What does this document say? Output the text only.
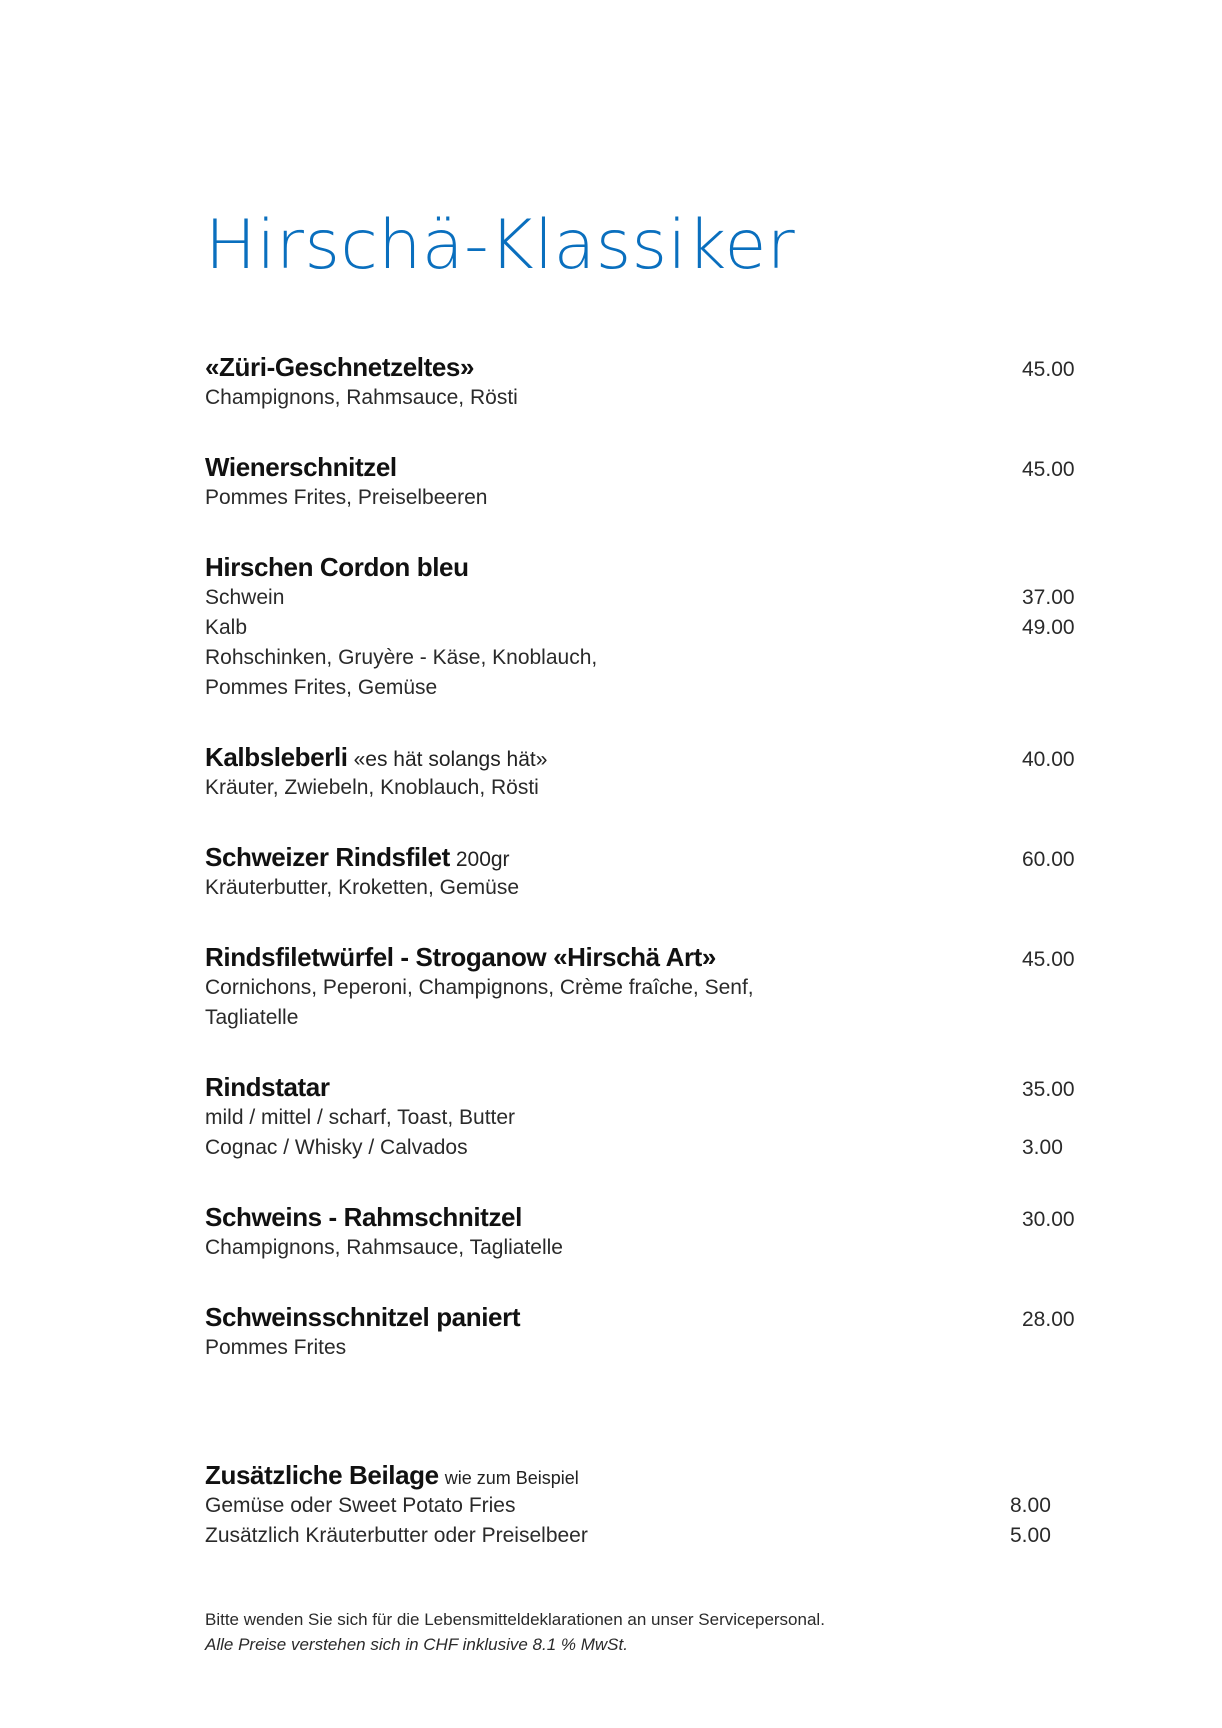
Hirschä-Klassiker
«Züri-Geschnetzeltes»	45.00
Champignons, Rahmsauce, Rösti
Wienerschnitzel	45.00
Pommes Frites, Preiselbeeren
Hirschen Cordon bleu
Schwein	37.00
Kalb	49.00
Rohschinken, Gruyère - Käse, Knoblauch,
Pommes Frites, Gemüse
Kalbsleberli «es hät solangs hät»	40.00
Kräuter, Zwiebeln, Knoblauch, Rösti
Schweizer Rindsfilet 200gr	60.00
Kräuterbutter, Kroketten, Gemüse
Rindsfiletwürfel - Stroganow «Hirschä Art»	45.00
Cornichons, Peperoni, Champignons, Crème fraîche, Senf,
Tagliatelle
Rindstatar	35.00
mild / mittel / scharf, Toast, Butter
Cognac / Whisky / Calvados	3.00
Schweins - Rahmschnitzel	30.00
Champignons, Rahmsauce, Tagliatelle
Schweinsschnitzel paniert	28.00
Pommes Frites
Zusätzliche Beilage wie zum Beispiel
Gemüse oder Sweet Potato Fries	8.00
Zusätzlich Kräuterbutter oder Preiselbeer	5.00
Bitte wenden Sie sich für die Lebensmitteldeklarationen an unser Servicepersonal.
Alle Preise verstehen sich in CHF inklusive 8.1 % MwSt.
